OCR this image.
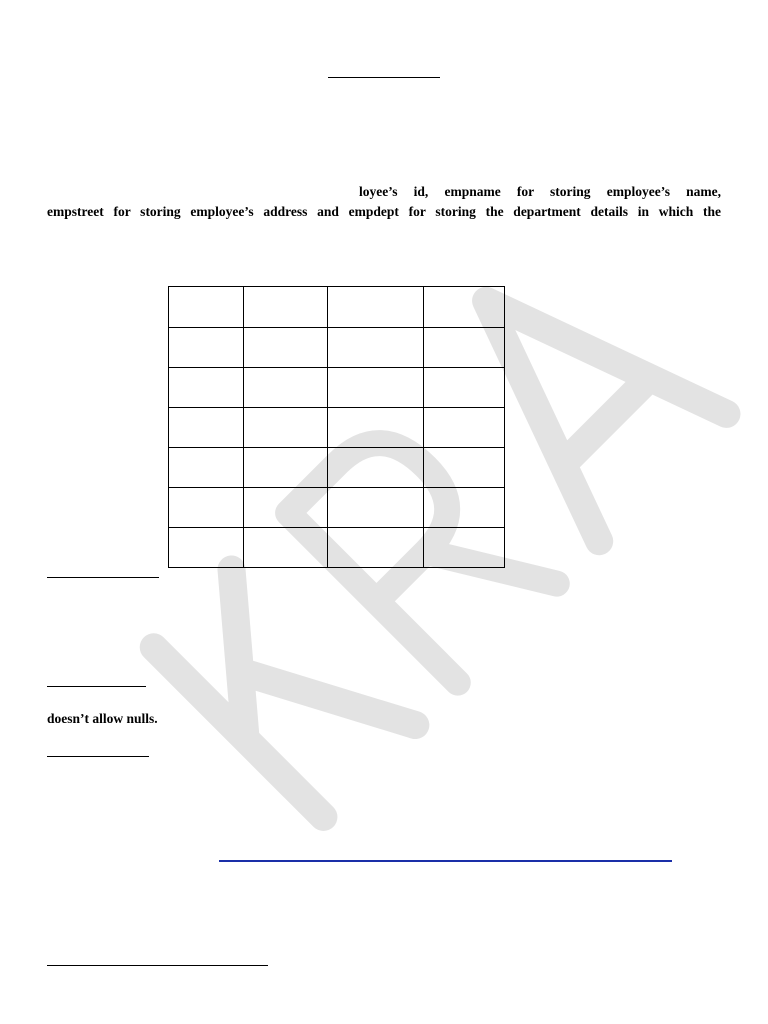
loyee’s id, empname for storing employee’s name,
empstreet for storing employee’s address and empdept for storing the department details in which the

doesn’t allow nulls.
